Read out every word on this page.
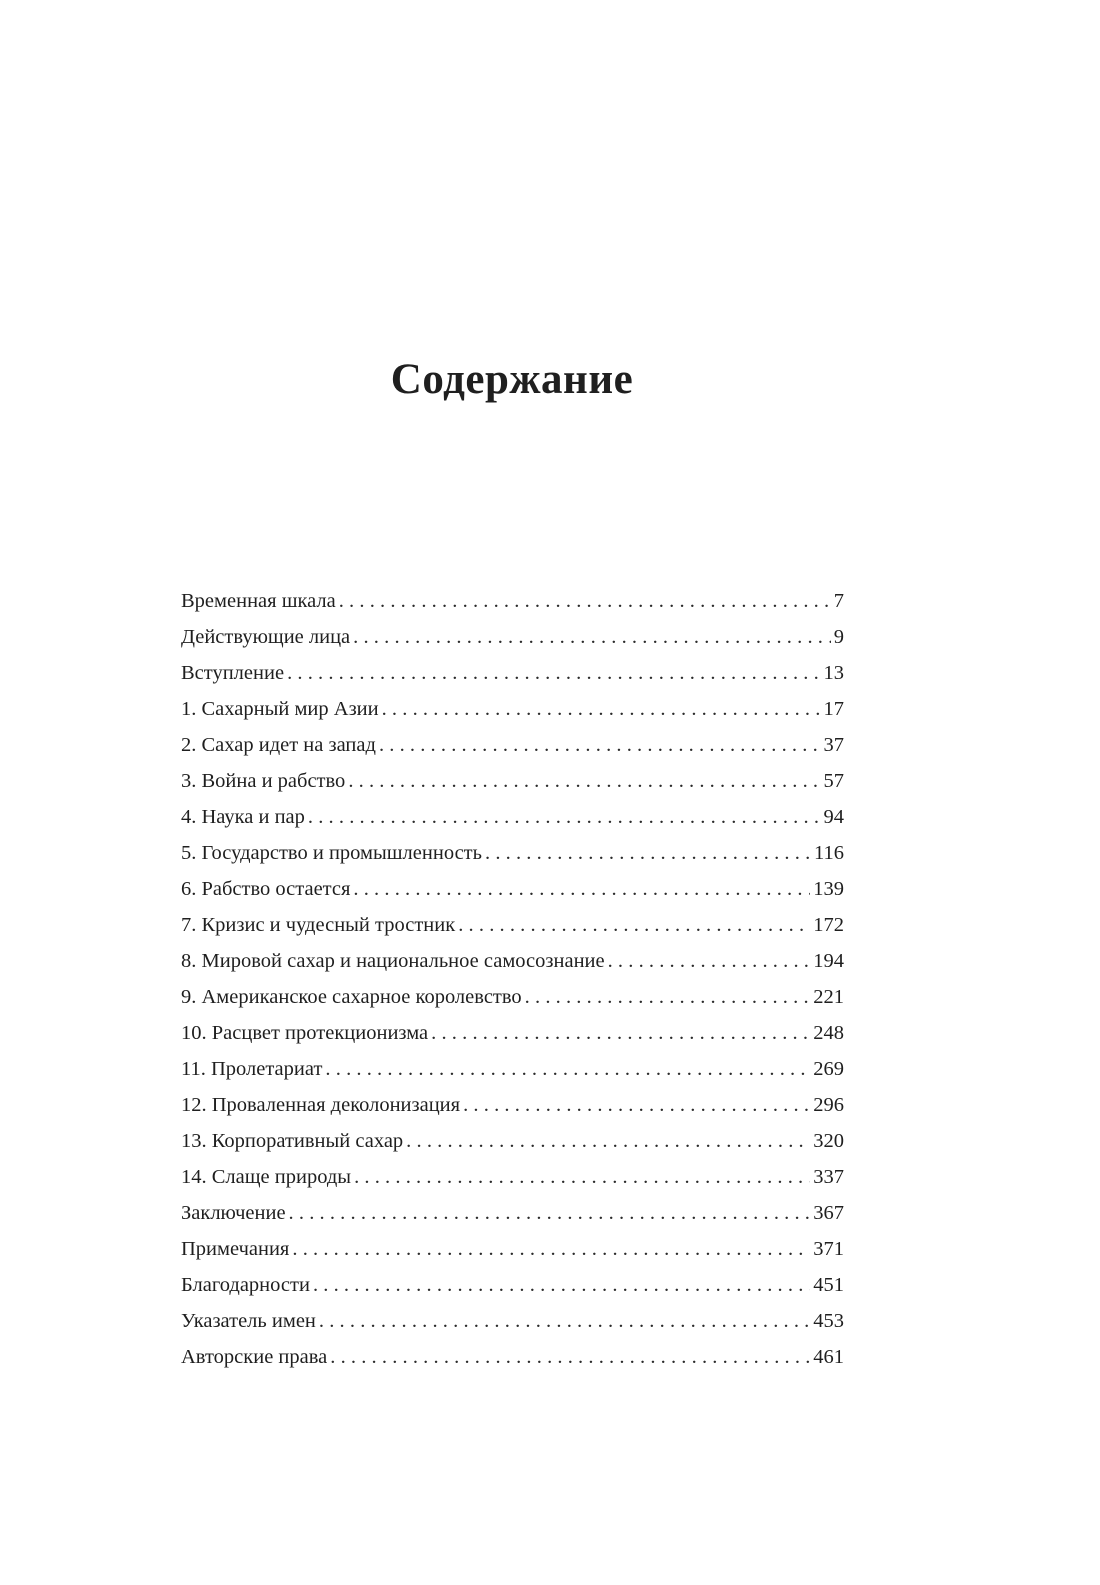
Содержание
Временная шкала .....	7
Действующие лица .....	9
Вступление .....	13
1. Сахарный мир Азии .....	17
2. Сахар идет на запад .....	37
3. Война и рабство .....	57
4. Наука и пар .....	94
5. Государство и промышленность .....	116
6. Рабство остается .....	139
7. Кризис и чудесный тростник .....	172
8. Мировой сахар и национальное самосознание .....	194
9. Американское сахарное королевство .....	221
10. Расцвет протекционизма .....	248
11. Пролетариат .....	269
12. Проваленная деколонизация .....	296
13. Корпоративный сахар .....	320
14. Слаще природы .....	337
Заключение .....	367
Примечания .....	371
Благодарности .....	451
Указатель имен .....	453
Авторские права .....	461
